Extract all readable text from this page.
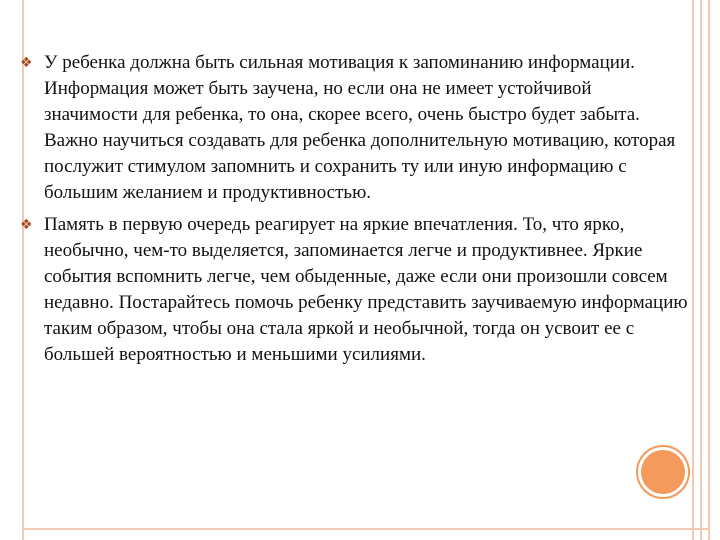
❖ У ребенка должна быть сильная мотивация к запоминанию информации. Информация может быть заучена, но если она не имеет устойчивой значимости для ребенка, то она, скорее всего, очень быстро будет забыта. Важно научиться создавать для ребенка дополнительную мотивацию, которая послужит стимулом запомнить и сохранить ту или иную информацию с большим желанием и продуктивностью.
❖ Память в первую очередь реагирует на яркие впечатления. То, что ярко, необычно, чем-то выделяется, запоминается легче и продуктивнее. Яркие события вспомнить легче, чем обыденные, даже если они произошли совсем недавно. Постарайтесь помочь ребенку представить заучиваемую информацию таким образом, чтобы она стала яркой и необычной, тогда он усвоит ее с большей вероятностью и меньшими усилиями.
